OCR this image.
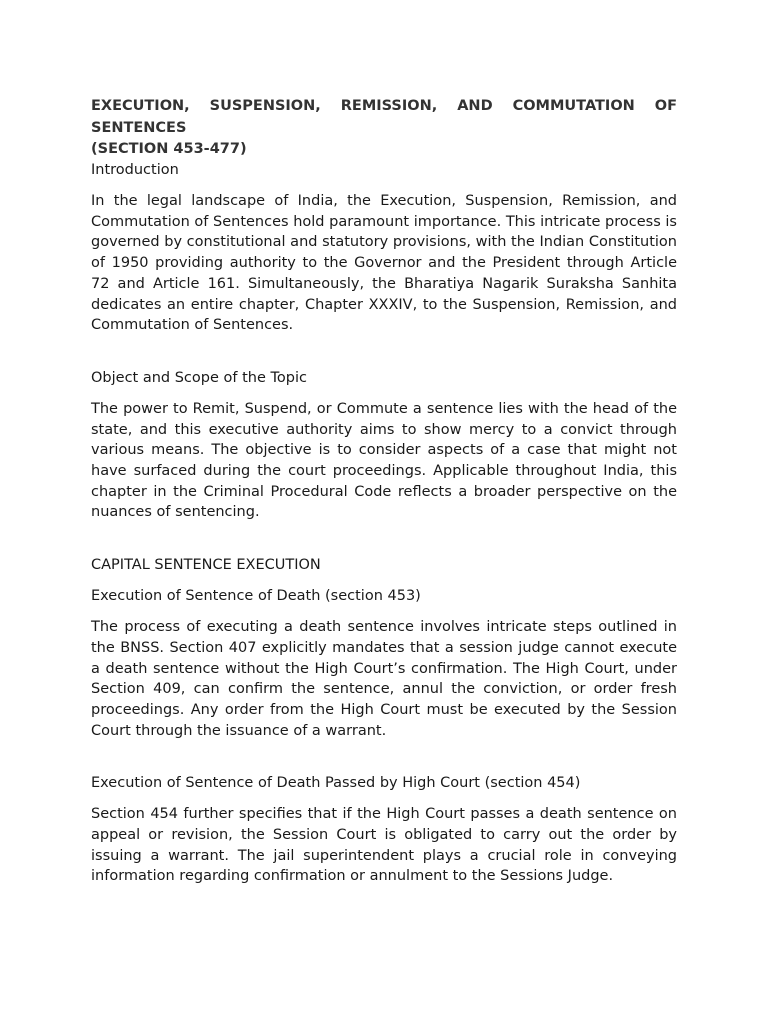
EXECUTION, SUSPENSION, REMISSION, AND COMMUTATION OF SENTENCES

(SECTION 453-477)

Introduction

In the legal landscape of India, the Execution, Suspension, Remission, and Commutation of Sentences hold paramount importance. This intricate process is governed by constitutional and statutory provisions, with the Indian Constitution of 1950 providing authority to the Governor and the President through Article 72 and Article 161. Simultaneously, the Bharatiya Nagarik Suraksha Sanhita dedicates an entire chapter, Chapter XXXIV, to the Suspension, Remission, and Commutation of Sentences.

Object and Scope of the Topic

The power to Remit, Suspend, or Commute a sentence lies with the head of the state, and this executive authority aims to show mercy to a convict through various means. The objective is to consider aspects of a case that might not have surfaced during the court proceedings. Applicable throughout India, this chapter in the Criminal Procedural Code reflects a broader perspective on the nuances of sentencing.

CAPITAL SENTENCE EXECUTION

Execution of Sentence of Death (section 453)

The process of executing a death sentence involves intricate steps outlined in the BNSS. Section 407 explicitly mandates that a session judge cannot execute a death sentence without the High Court’s confirmation. The High Court, under Section 409, can confirm the sentence, annul the conviction, or order fresh proceedings. Any order from the High Court must be executed by the Session Court through the issuance of a warrant.

Execution of Sentence of Death Passed by High Court (section 454)

Section 454 further specifies that if the High Court passes a death sentence on appeal or revision, the Session Court is obligated to carry out the order by issuing a warrant. The jail superintendent plays a crucial role in conveying information regarding confirmation or annulment to the Sessions Judge.
